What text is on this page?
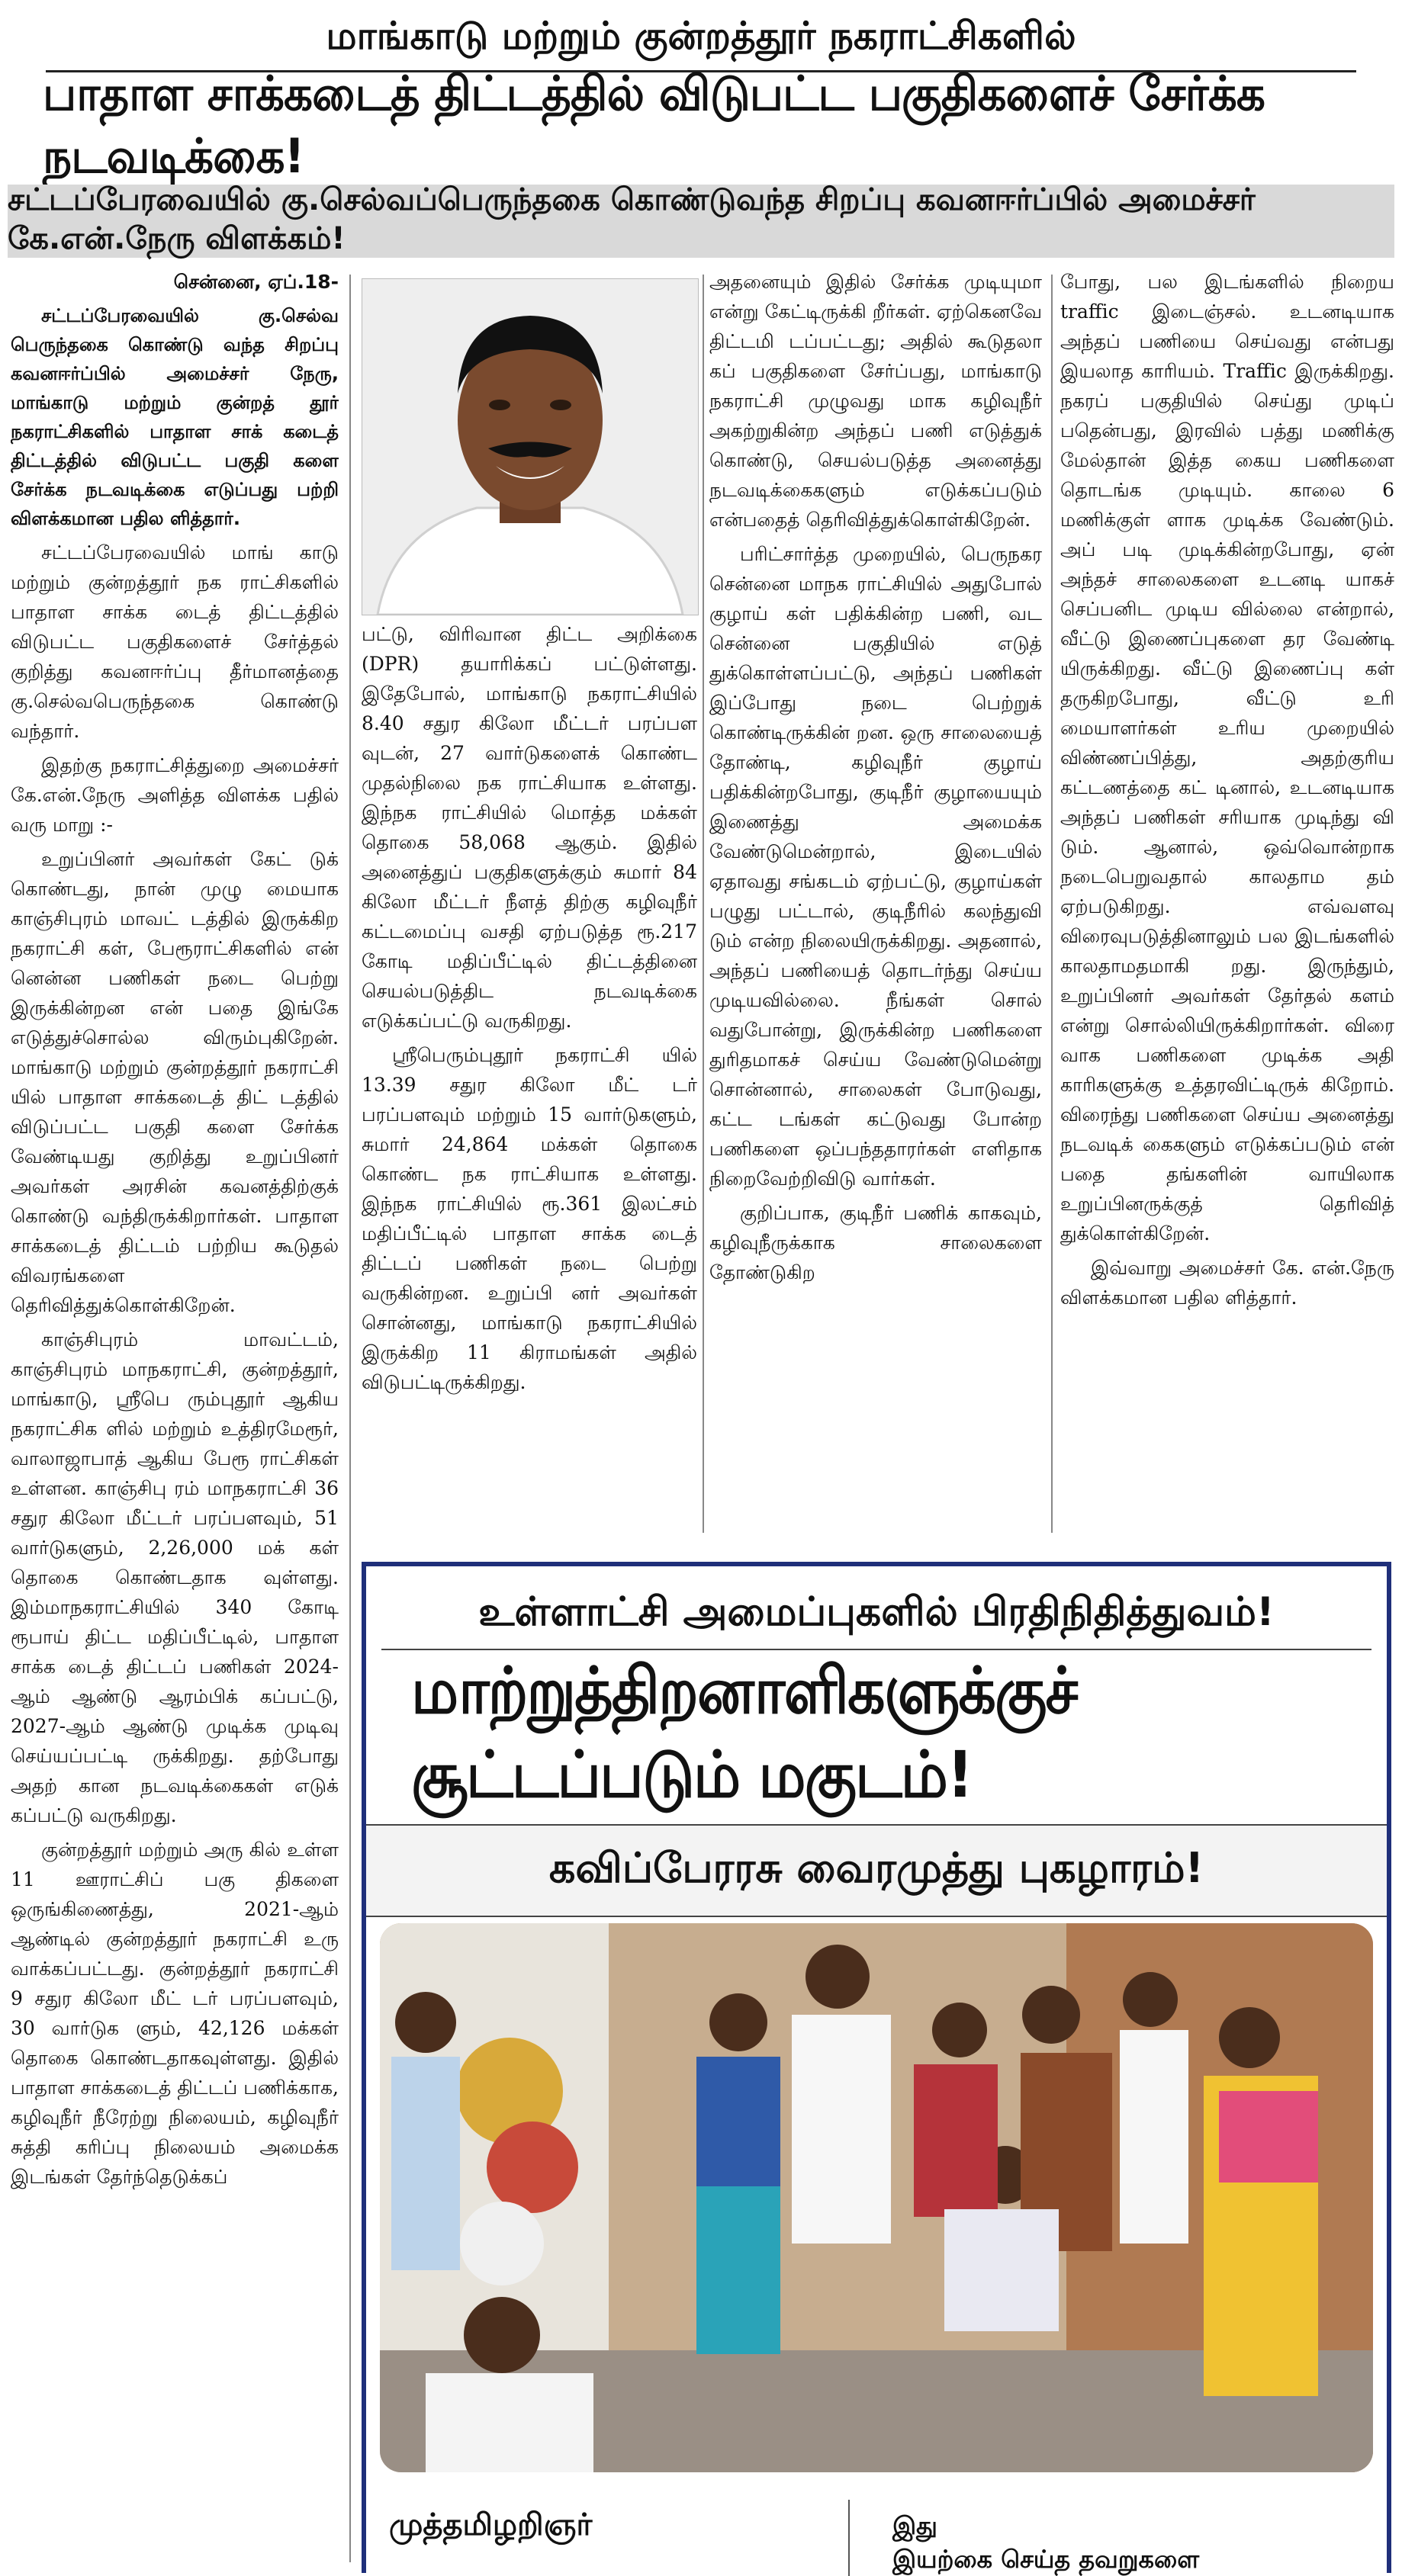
மாங்காடு மற்றும் குன்றத்தூர் நகராட்சிகளில்
பாதாள சாக்கடைத் திட்டத்தில் விடுபட்ட பகுதிகளைச் சேர்க்க நடவடிக்கை!
சட்டப்பேரவையில் கு.செல்வப்பெருந்தகை கொண்டுவந்த சிறப்பு கவனஈர்ப்பில் அமைச்சர் கே.என்.நேரு விளக்கம்!

சென்னை, ஏப்.18-

சட்டப்பேரவையில் கு.செல்வ பெருந்தகை கொண்டு வந்த சிறப்பு கவனஈர்ப்பில் அமைச்சர் நேரு, மாங்காடு மற்றும் குன்றத் தூர் நகராட்சிகளில் பாதாள சாக் கடைத் திட்டத்தில் விடுபட்ட பகுதி களை சேர்க்க நடவடிக்கை எடுப்பது பற்றி விளக்கமான பதில ளித்தார்.

சட்டப்பேரவையில் மாங் காடு மற்றும் குன்றத்தூர் நக ராட்சிகளில் பாதாள சாக்க டைத் திட்டத்தில் விடுபட்ட பகுதிகளைச் சேர்த்தல் குறித்து கவனஈர்ப்பு தீர்மானத்தை கு.செல்வபெருந்தகை கொண்டு வந்தார்.

இதற்கு நகராட்சித்துறை அமைச்சர் கே.என்.நேரு அளித்த விளக்க பதில் வரு மாறு :-

உறுப்பினர் அவர்கள் கேட் டுக் கொண்டது, நான் முழு மையாக காஞ்சிபுரம் மாவட் டத்தில் இருக்கிற நகராட்சி கள், பேரூராட்சிகளில் என் னென்ன பணிகள் நடை பெற்று இருக்கின்றன என் பதை இங்கே எடுத்துச்சொல்ல விரும்புகிறேன். மாங்காடு மற்றும் குன்றத்தூர் நகராட்சி யில் பாதாள சாக்கடைத் திட் டத்தில் விடுப்பட்ட பகுதி களை சேர்க்க வேண்டியது குறித்து உறுப்பினர் அவர்கள் அரசின் கவனத்திற்குக் கொண்டு வந்திருக்கிறார்கள். பாதாள சாக்கடைத் திட்டம் பற்றிய கூடுதல் விவரங்களை தெரிவித்துக்கொள்கிறேன்.

காஞ்சிபுரம் மாவட்டம், காஞ்சிபுரம் மாநகராட்சி, குன்றத்தூர், மாங்காடு, ஸ்ரீபெ ரும்புதூர் ஆகிய நகராட்சிக ளில் மற்றும் உத்திரமேரூர், வாலாஜாபாத் ஆகிய பேரூ ராட்சிகள் உள்ளன. காஞ்சிபு ரம் மாநகராட்சி 36 சதுர கிலோ மீட்டர் பரப்பளவும், 51 வார்டுகளும், 2,26,000 மக் கள் தொகை கொண்டதாக வுள்ளது. இம்மாநகராட்சியில் 340 கோடி ரூபாய் திட்ட மதிப்பீட்டில், பாதாள சாக்க டைத் திட்டப் பணிகள் 2024-ஆம் ஆண்டு ஆரம்பிக் கப்பட்டு, 2027-ஆம் ஆண்டு முடிக்க முடிவு செய்யப்பட்டி ருக்கிறது. தற்போது அதற் கான நடவடிக்கைகள் எடுக் கப்பட்டு வருகிறது.

குன்றத்தூர் மற்றும் அரு கில் உள்ள 11 ஊராட்சிப் பகு திகளை ஒருங்கிணைத்து, 2021-ஆம் ஆண்டில் குன்றத்தூர் நகராட்சி உரு வாக்கப்பட்டது. குன்றத்தூர் நகராட்சி 9 சதுர கிலோ மீட் டர் பரப்பளவும், 30 வார்டுக ளும், 42,126 மக்கள் தொகை கொண்டதாகவுள்ளது. இதில் பாதாள சாக்கடைத் திட்டப் பணிக்காக, கழிவுநீர் நீரேற்று நிலையம், கழிவுநீர் சுத்தி கரிப்பு நிலையம் அமைக்க இடங்கள் தேர்ந்தெடுக்கப்

பட்டு, விரிவான திட்ட அறிக்கை (DPR) தயாரிக்கப் பட்டுள்ளது. இதேபோல், மாங்காடு நகராட்சியில் 8.40 சதுர கிலோ மீட்டர் பரப்பள வுடன், 27 வார்டுகளைக் கொண்ட முதல்நிலை நக ராட்சியாக உள்ளது. இந்நக ராட்சியில் மொத்த மக்கள் தொகை 58,068 ஆகும். இதில் அனைத்துப் பகுதிகளுக்கும் சுமார் 84 கிலோ மீட்டர் நீளத் திற்கு கழிவுநீர் கட்டமைப்பு வசதி ஏற்படுத்த ரூ.217 கோடி மதிப்பீட்டில் திட்டத்தினை செயல்படுத்திட நடவடிக்கை எடுக்கப்பட்டு வருகிறது.

ஸ்ரீபெரும்புதூர் நகராட்சி யில் 13.39 சதுர கிலோ மீட் டர் பரப்பளவும் மற்றும் 15 வார்டுகளும், சுமார் 24,864 மக்கள் தொகை கொண்ட நக ராட்சியாக உள்ளது. இந்நக ராட்சியில் ரூ.361 இலட்சம் மதிப்பீட்டில் பாதாள சாக்க டைத் திட்டப் பணிகள் நடை பெற்று வருகின்றன. உறுப்பி னர் அவர்கள் சொன்னது, மாங்காடு நகராட்சியில் இருக்கிற 11 கிராமங்கள் அதில் விடுபட்டிருக்கிறது.

அதனையும் இதில் சேர்க்க முடியுமா என்று கேட்டிருக்கி றீர்கள். ஏற்கெனவே திட்டமி டப்பட்டது; அதில் கூடுதலா கப் பகுதிகளை சேர்ப்பது, மாங்காடு நகராட்சி முழுவது மாக கழிவுநீர் அகற்றுகின்ற அந்தப் பணி எடுத்துக் கொண்டு, செயல்படுத்த அனைத்து நடவடிக்கைகளும் எடுக்கப்படும் என்பதைத் தெரிவித்துக்கொள்கிறேன்.

பரிட்சார்த்த முறையில், பெருநகர சென்னை மாநக ராட்சியில் அதுபோல் குழாய் கள் பதிக்கின்ற பணி, வட சென்னை பகுதியில் எடுத் துக்கொள்ளப்பட்டு, அந்தப் பணிகள் இப்போது நடை பெற்றுக் கொண்டிருக்கின் றன. ஒரு சாலையைத் தோண்டி, கழிவுநீர் குழாய் பதிக்கின்றபோது, குடிநீர் குழாயையும் இணைத்து அமைக்க வேண்டுமென்றால், இடையில் ஏதாவது சங்கடம் ஏற்பட்டு, குழாய்கள் பழுது பட்டால், குடிநீரில் கலந்துவி டும் என்ற நிலையிருக்கிறது. அதனால், அந்தப் பணியைத் தொடர்ந்து செய்ய முடியவில்லை. நீங்கள் சொல் வதுபோன்று, இருக்கின்ற பணிகளை துரிதமாகச் செய்ய வேண்டுமென்று சொன்னால், சாலைகள் போடுவது, கட்ட டங்கள் கட்டுவது போன்ற பணிகளை ஒப்பந்ததாரர்கள் எளிதாக நிறைவேற்றிவிடு வார்கள்.

குறிப்பாக, குடிநீர் பணிக் காகவும், கழிவுநீருக்காக சாலைகளை தோண்டுகிற

போது, பல இடங்களில் நிறைய traffic இடைஞ்சல். உடனடியாக அந்தப் பணியை செய்வது என்பது இயலாத காரியம். Traffic இருக்கிறது. நகரப் பகுதியில் செய்து முடிப் பதென்பது, இரவில் பத்து மணிக்கு மேல்தான் இத்த கைய பணிகளை தொடங்க முடியும். காலை 6 மணிக்குள் ளாக முடிக்க வேண்டும். அப் படி முடிக்கின்றபோது, ஏன் அந்தச் சாலைகளை உடனடி யாகச் செப்பனிட முடிய வில்லை என்றால், வீட்டு இணைப்புகளை தர வேண்டி யிருக்கிறது. வீட்டு இணைப்பு கள் தருகிறபோது, வீட்டு உரி மையாளர்கள் உரிய முறையில் விண்ணப்பித்து, அதற்குரிய கட்டணத்தை கட் டினால், உடனடியாக அந்தப் பணிகள் சரியாக முடிந்து வி டும். ஆனால், ஒவ்வொன்றாக நடைபெறுவதால் காலதாம தம் ஏற்படுகிறது. எவ்வளவு விரைவுபடுத்தினாலும் பல இடங்களில் காலதாமதமாகி றது. இருந்தும், உறுப்பினர் அவர்கள் தேர்தல் களம் என்று சொல்லியிருக்கிறார்கள். விரை வாக பணிகளை முடிக்க அதி காரிகளுக்கு உத்தரவிட்டிருக் கிறோம். விரைந்து பணிகளை செய்ய அனைத்து நடவடிக் கைகளும் எடுக்கப்படும் என் பதை தங்களின் வாயிலாக உறுப்பினருக்குத் தெரிவித் துக்கொள்கிறேன்.

இவ்வாறு அமைச்சர் கே. என்.நேரு விளக்கமான பதில ளித்தார்.

உள்ளாட்சி அமைப்புகளில் பிரதிநிதித்துவம்!
மாற்றுத்திறனாளிகளுக்குச் சூட்டப்படும் மகுடம்!
கவிப்பேரரசு வைரமுத்து புகழாரம்!
முத்தமிழறிஞர்	இது
இயற்கை செய்த தவறுகளை
